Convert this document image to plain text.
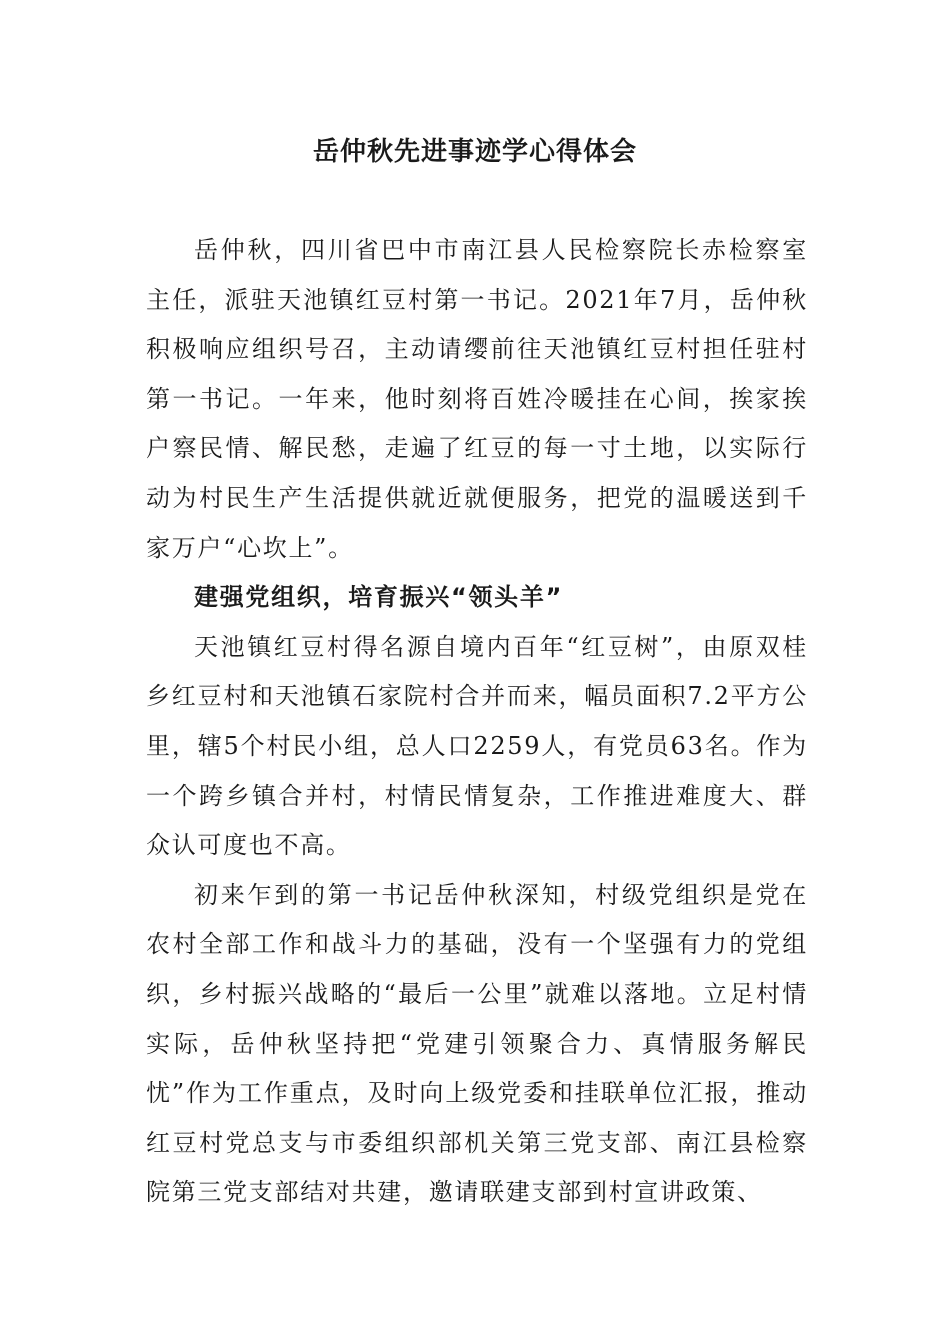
岳仲秋先进事迹学心得体会

岳仲秋，四川省巴中市南江县人民检察院长赤检察室主任，派驻天池镇红豆村第一书记。2021年7月，岳仲秋积极响应组织号召，主动请缨前往天池镇红豆村担任驻村第一书记。一年来，他时刻将百姓冷暖挂在心间，挨家挨户察民情、解民愁，走遍了红豆的每一寸土地，以实际行动为村民生产生活提供就近就便服务，把党的温暖送到千家万户“心坎上”。

建强党组织，培育振兴“领头羊”

天池镇红豆村得名源自境内百年“红豆树”，由原双桂乡红豆村和天池镇石家院村合并而来，幅员面积7.2平方公里，辖5个村民小组，总人口2259人，有党员63名。作为一个跨乡镇合并村，村情民情复杂，工作推进难度大、群众认可度也不高。

初来乍到的第一书记岳仲秋深知，村级党组织是党在农村全部工作和战斗力的基础，没有一个坚强有力的党组织，乡村振兴战略的“最后一公里”就难以落地。立足村情实际，岳仲秋坚持把“党建引领聚合力、真情服务解民忧”作为工作重点，及时向上级党委和挂联单位汇报，推动红豆村党总支与市委组织部机关第三党支部、南江县检察院第三党支部结对共建，邀请联建支部到村宣讲政策、
